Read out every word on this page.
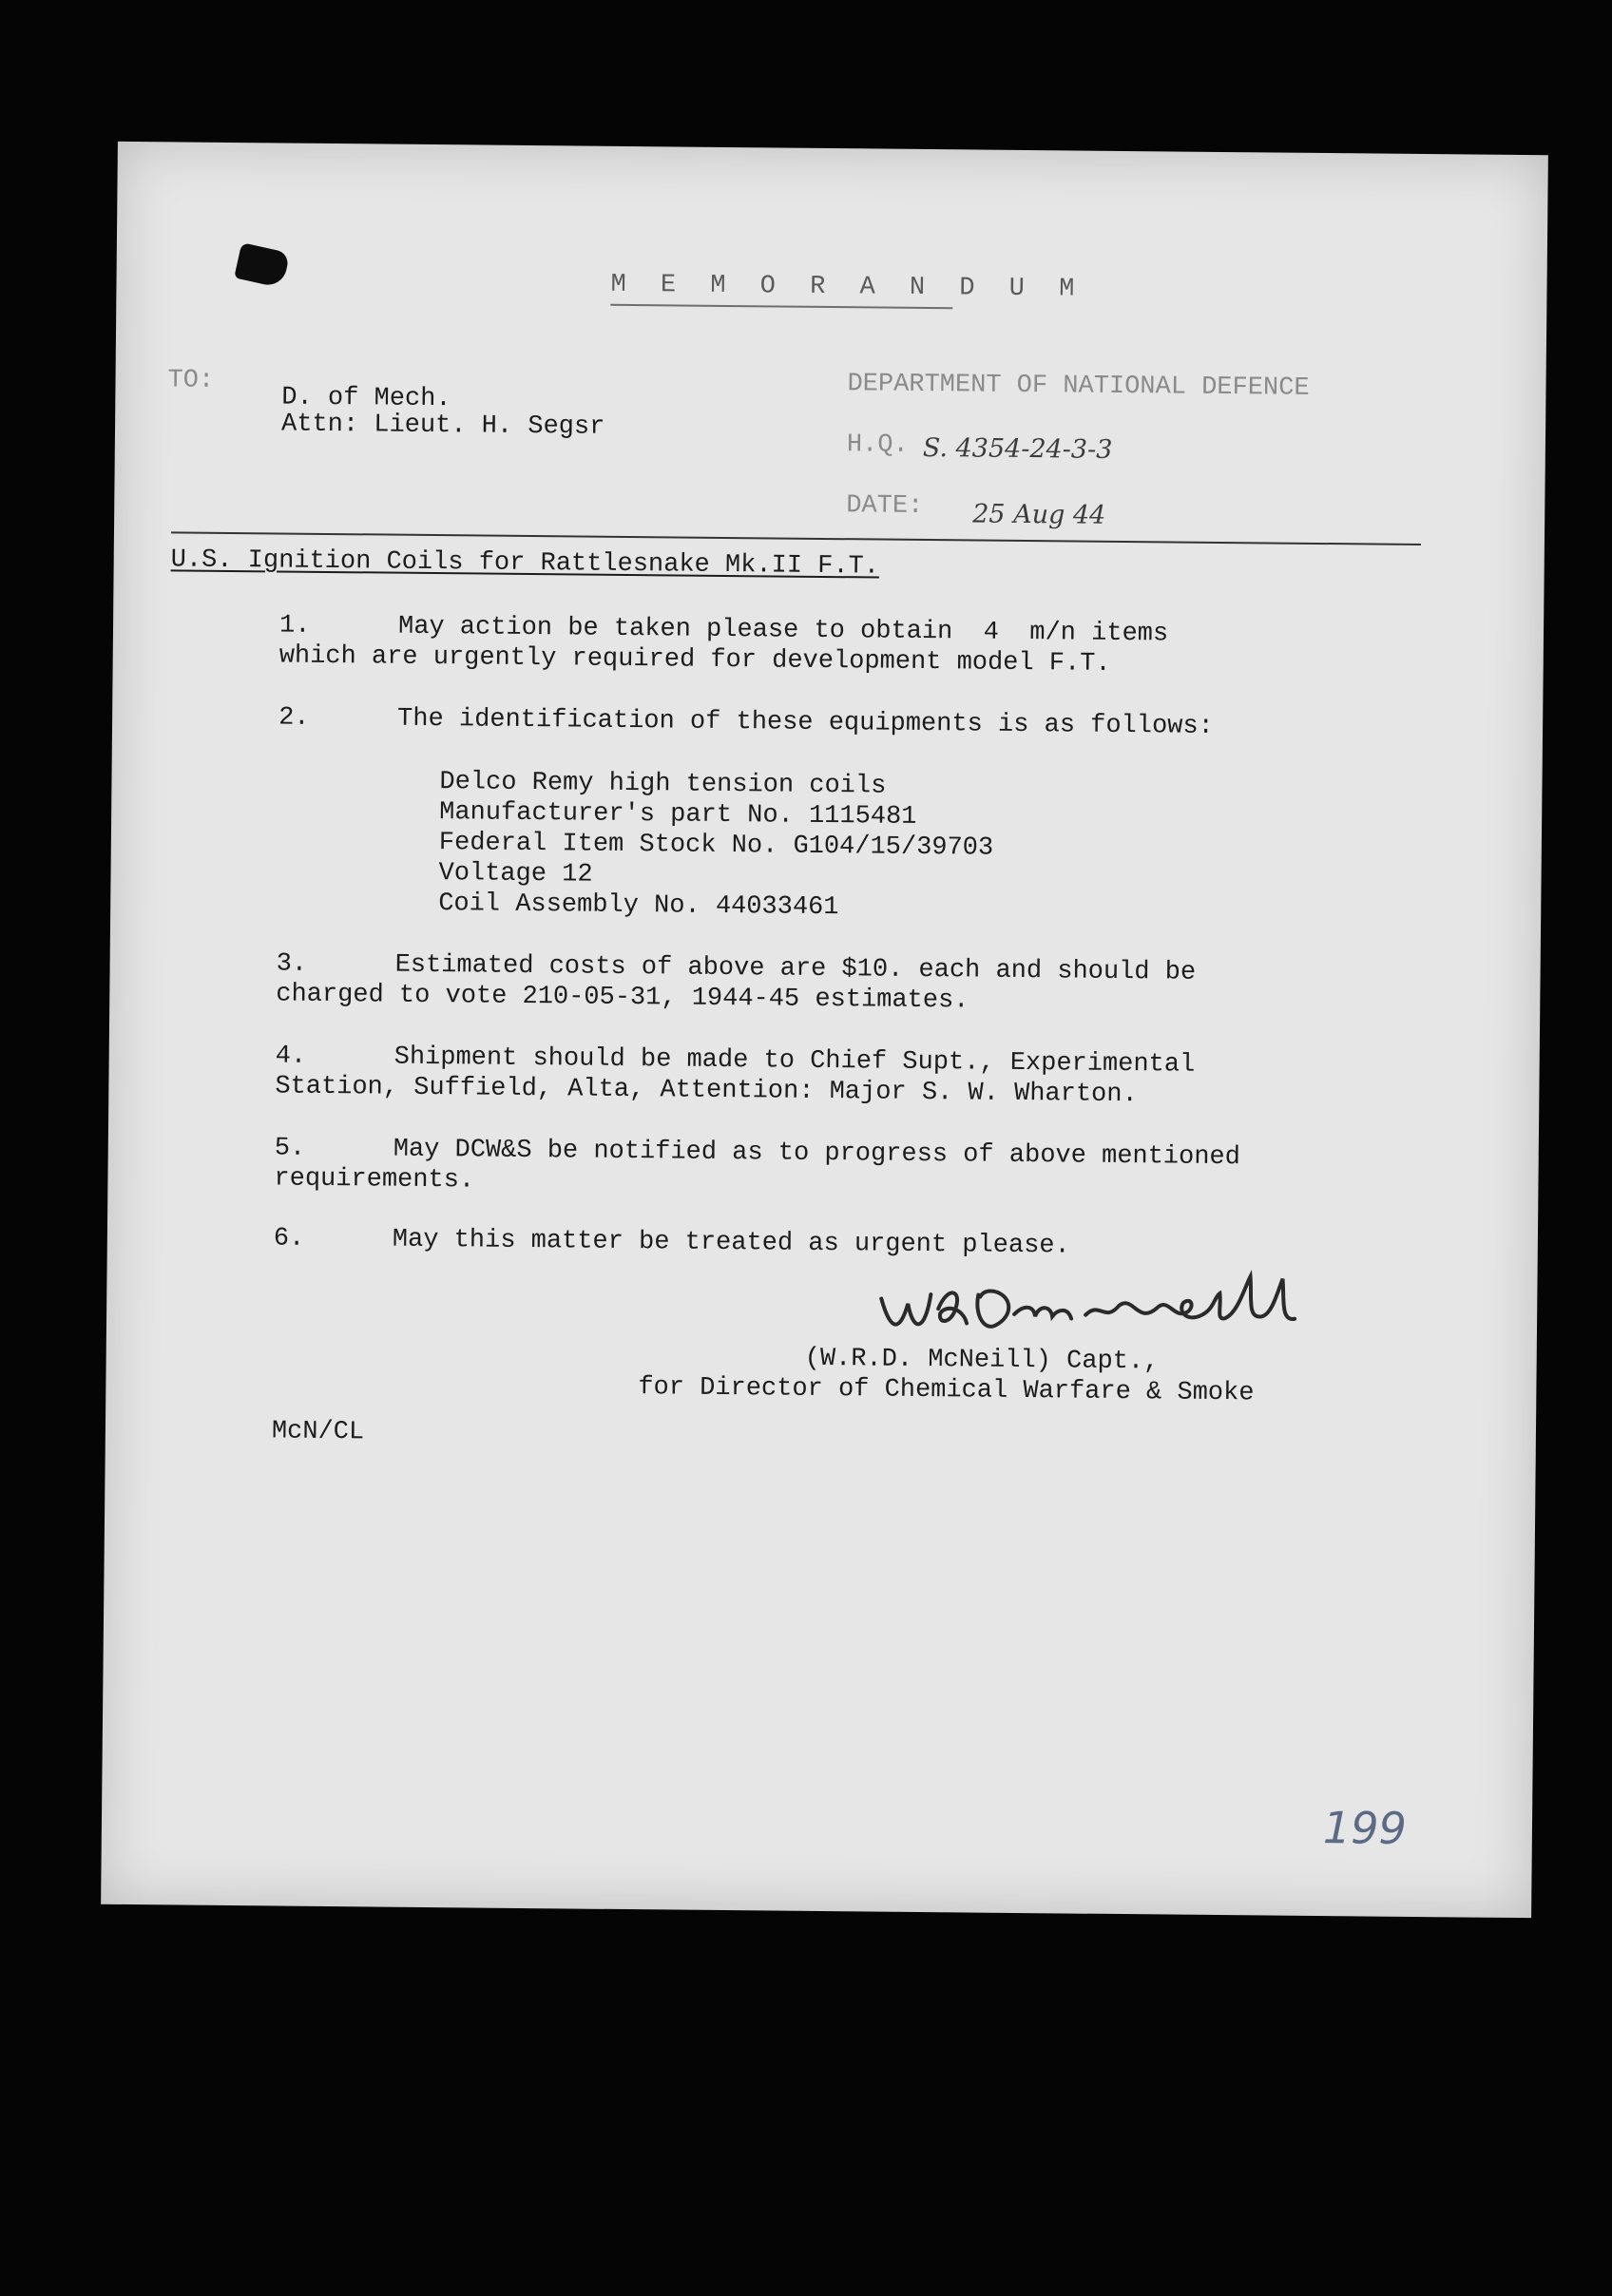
M E M O R A N D U M
TO:
D. of Mech.
Attn: Lieut. H. Segsr
DEPARTMENT OF NATIONAL DEFENCE
H.Q. S. 4354-24-3-3
DATE: 25 Aug 44
U.S. Ignition Coils for Rattlesnake Mk.II F.T.
1.	May action be taken please to obtain  4  m/n items
which are urgently required for development model F.T.
2.	The identification of these equipments is as follows:
Delco Remy high tension coils
Manufacturer's part No. 1115481
Federal Item Stock No. G104/15/39703
Voltage 12
Coil Assembly No. 44033461
3.	Estimated costs of above are $10. each and should be
charged to vote 210-05-31, 1944-45 estimates.
4.	Shipment should be made to Chief Supt., Experimental
Station, Suffield, Alta, Attention: Major S. W. Wharton.
5.	May DCW&S be notified as to progress of above mentioned
requirements.
6.	May this matter be treated as urgent please.
(W.R.D. McNeill) Capt.,
for Director of Chemical Warfare & Smoke
McN/CL
199
